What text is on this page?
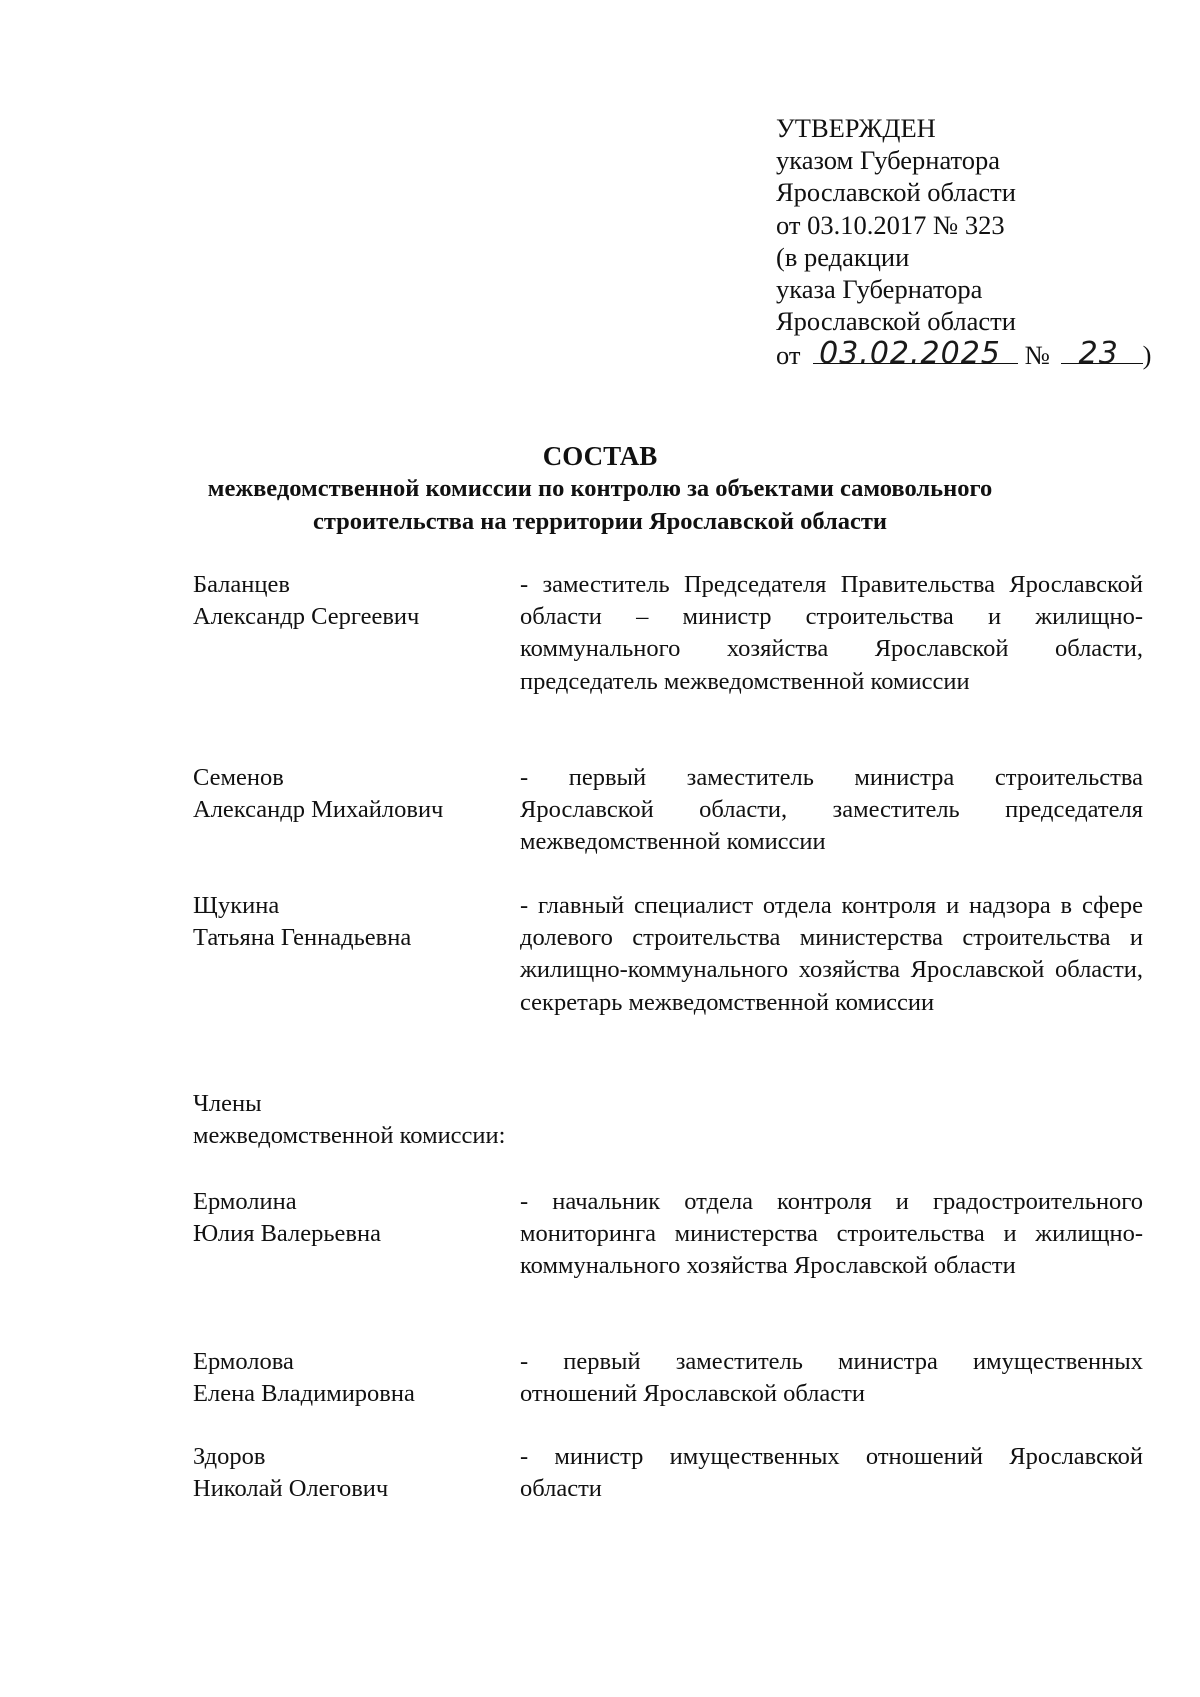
УТВЕРЖДЕН
указом Губернатора
Ярославской области
от 03.10.2017 № 323
(в редакции
указа Губернатора
Ярославской области
от 03.02.2025 № 23 )
СОСТАВ
межведомственной комиссии по контролю за объектами самовольного
строительства на территории Ярославской области
Баланцев
Александр Сергеевич
- заместитель Председателя Правительства Ярославской области – министр строительства и жилищно-коммунального хозяйства Ярославской области, председатель межведомственной комиссии
Семенов
Александр Михайлович
- первый заместитель министра строительства Ярославской области, заместитель председателя межведомственной комиссии
Щукина
Татьяна Геннадьевна
- главный специалист отдела контроля и надзора в сфере долевого строительства министерства строительства и жилищно-коммунального хозяйства Ярославской области, секретарь межведомственной комиссии
Члены
межведомственной комиссии:
Ермолина
Юлия Валерьевна
- начальник отдела контроля и градостроительного мониторинга министерства строительства и жилищно-коммунального хозяйства Ярославской области
Ермолова
Елена Владимировна
- первый заместитель министра имущественных отношений Ярославской области
Здоров
Николай Олегович
- министр имущественных отношений Ярославской области
